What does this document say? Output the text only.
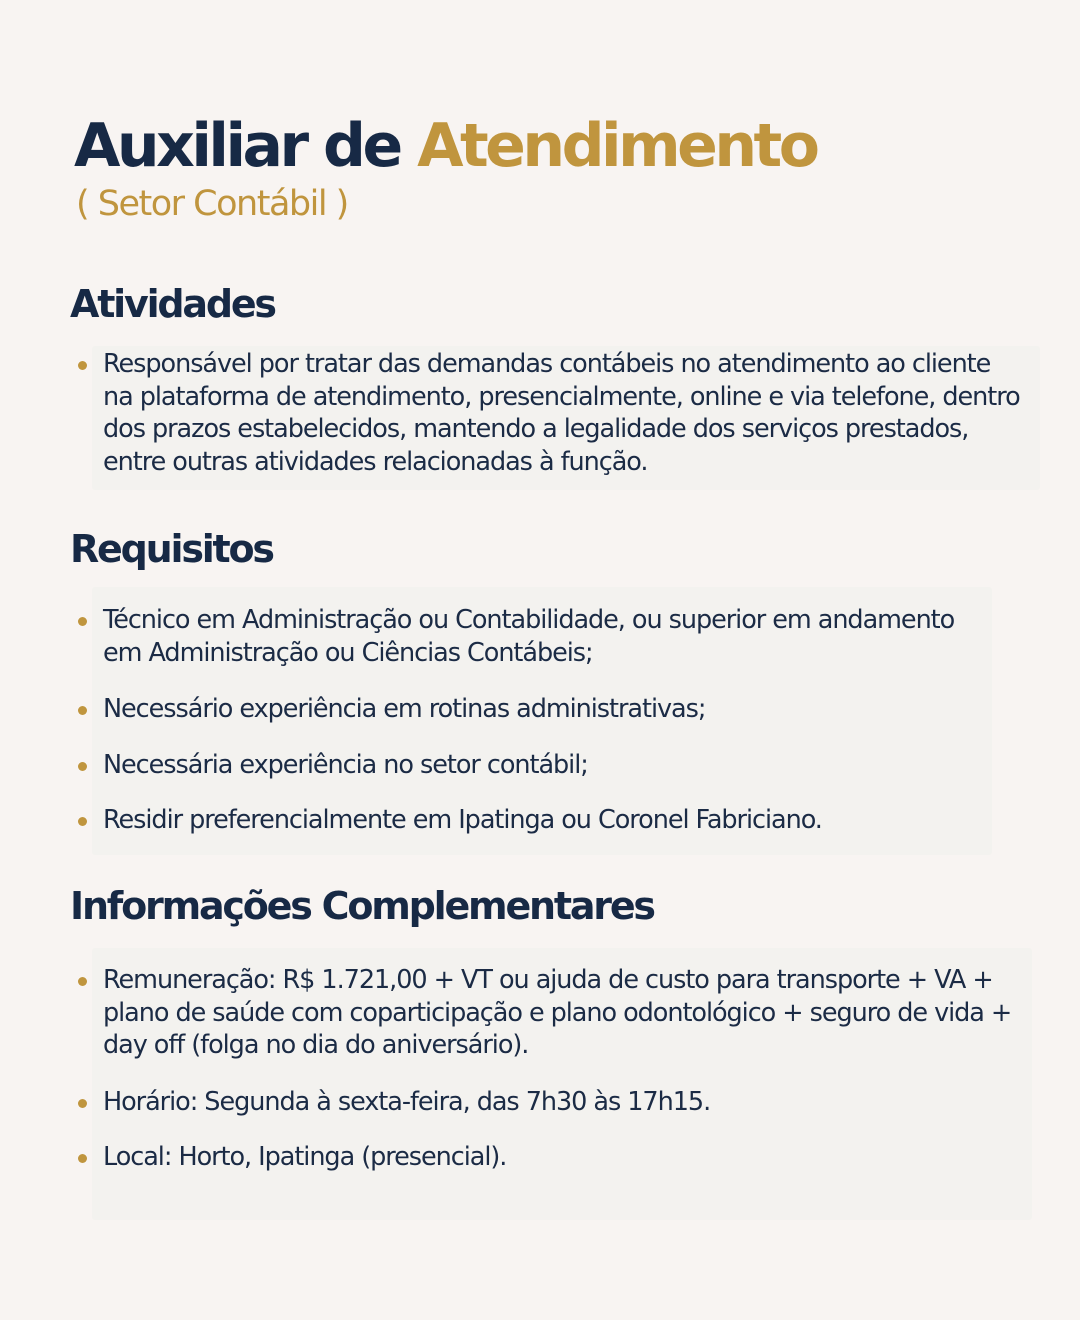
Auxiliar de Atendimento
( Setor Contábil )
Atividades
Responsável por tratar das demandas contábeis no atendimento ao cliente na plataforma de atendimento, presencialmente, online e via telefone, dentro dos prazos estabelecidos, mantendo a legalidade dos serviços prestados, entre outras atividades relacionadas à função.
Requisitos
Técnico em Administração ou Contabilidade, ou superior em andamento em Administração ou Ciências Contábeis;
Necessário experiência em rotinas administrativas;
Necessária experiência no setor contábil;
Residir preferencialmente em Ipatinga ou Coronel Fabriciano.
Informações Complementares
Remuneração: R$ 1.721,00 + VT ou ajuda de custo para transporte + VA + plano de saúde com coparticipação e plano odontológico + seguro de vida + day off (folga no dia do aniversário).
Horário: Segunda à sexta-feira, das 7h30 às 17h15.
Local: Horto, Ipatinga (presencial).
